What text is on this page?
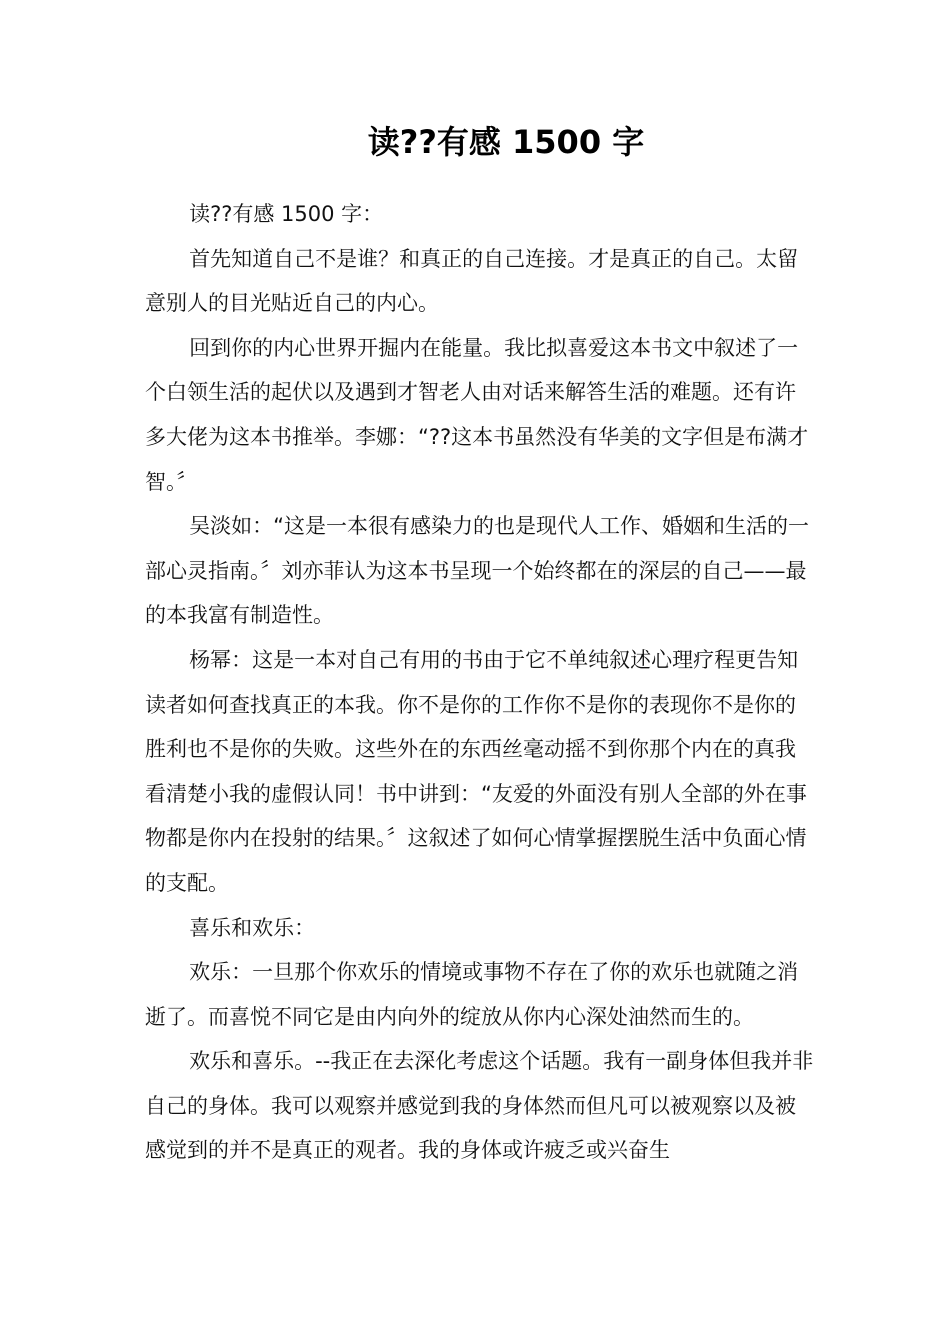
读??有感 1500 字

读??有感 1500 字：

首先知道自己不是谁？和真正的自己连接。才是真正的自己。太留意别人的目光贴近自己的内心。

回到你的内心世界开掘内在能量。我比拟喜爱这本书文中叙述了一个白领生活的起伏以及遇到才智老人由对话来解答生活的难题。还有许多大佬为这本书推举。李娜：“??这本书虽然没有华美的文字但是布满才智。〞

吴淡如：“这是一本很有感染力的也是现代人工作、婚姻和生活的一部心灵指南。〞刘亦菲认为这本书呈现一个始终都在的深层的自己——最的本我富有制造性。

杨幂：这是一本对自己有用的书由于它不单纯叙述心理疗程更告知读者如何查找真正的本我。你不是你的工作你不是你的表现你不是你的胜利也不是你的失败。这些外在的东西丝毫动摇不到你那个内在的真我看清楚小我的虚假认同！书中讲到：“友爱的外面没有别人全部的外在事物都是你内在投射的结果。〞这叙述了如何心情掌握摆脱生活中负面心情的支配。

喜乐和欢乐：

欢乐：一旦那个你欢乐的情境或事物不存在了你的欢乐也就随之消逝了。而喜悦不同它是由内向外的绽放从你内心深处油然而生的。

欢乐和喜乐。--我正在去深化考虑这个话题。我有一副身体但我并非自己的身体。我可以观察并感觉到我的身体然而但凡可以被观察以及被感觉到的并不是真正的观者。我的身体或许疲乏或兴奋生
